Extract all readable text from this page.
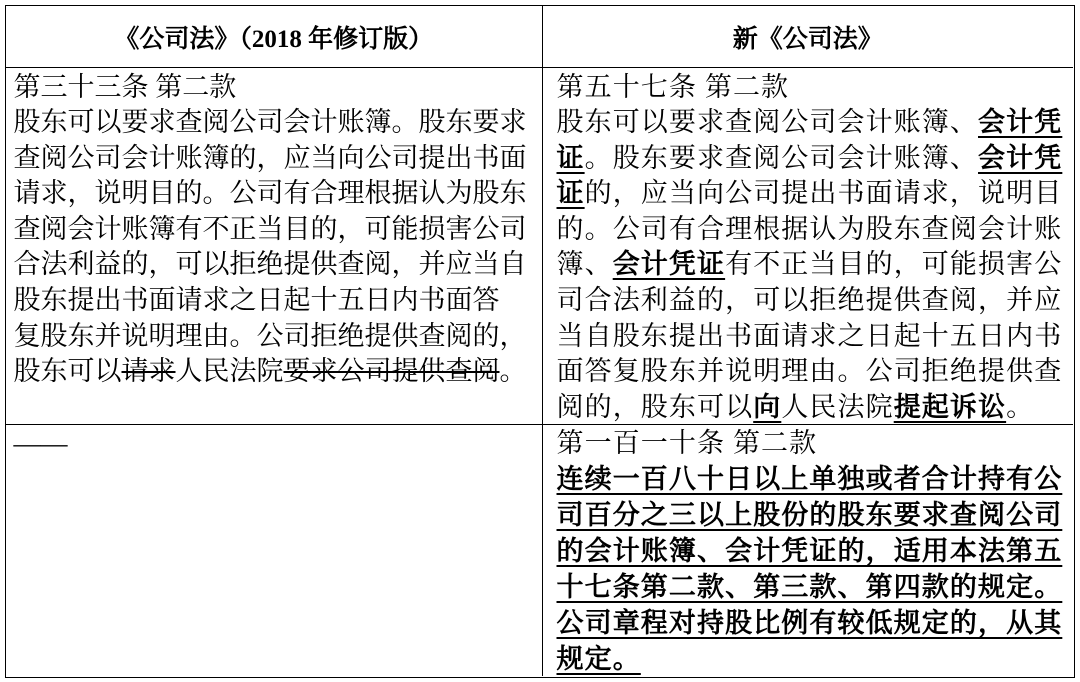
《公司法》（2018 年修订版）	新《公司法》
第三十三条 第二款
股东可以要求查阅公司会计账簿。股东要求
查阅公司会计账簿的，应当向公司提出书面
请求，说明目的。公司有合理根据认为股东
查阅会计账簿有不正当目的，可能损害公司
合法利益的，可以拒绝提供查阅，并应当自
股东提出书面请求之日起十五日内书面答
复股东并说明理由。公司拒绝提供查阅的，
股东可以请求人民法院要求公司提供查阅。
第五十七条 第二款
股东可以要求查阅公司会计账簿、会计凭
证。股东要求查阅公司会计账簿、会计凭
证的，应当向公司提出书面请求，说明目
的。公司有合理根据认为股东查阅会计账
簿、会计凭证有不正当目的，可能损害公
司合法利益的，可以拒绝提供查阅，并应
当自股东提出书面请求之日起十五日内书
面答复股东并说明理由。公司拒绝提供查
阅的，股东可以向人民法院提起诉讼。
——	第一百一十条 第二款
连续一百八十日以上单独或者合计持有公
司百分之三以上股份的股东要求查阅公司
的会计账簿、会计凭证的，适用本法第五
十七条第二款、第三款、第四款的规定。
公司章程对持股比例有较低规定的，从其
规定。
